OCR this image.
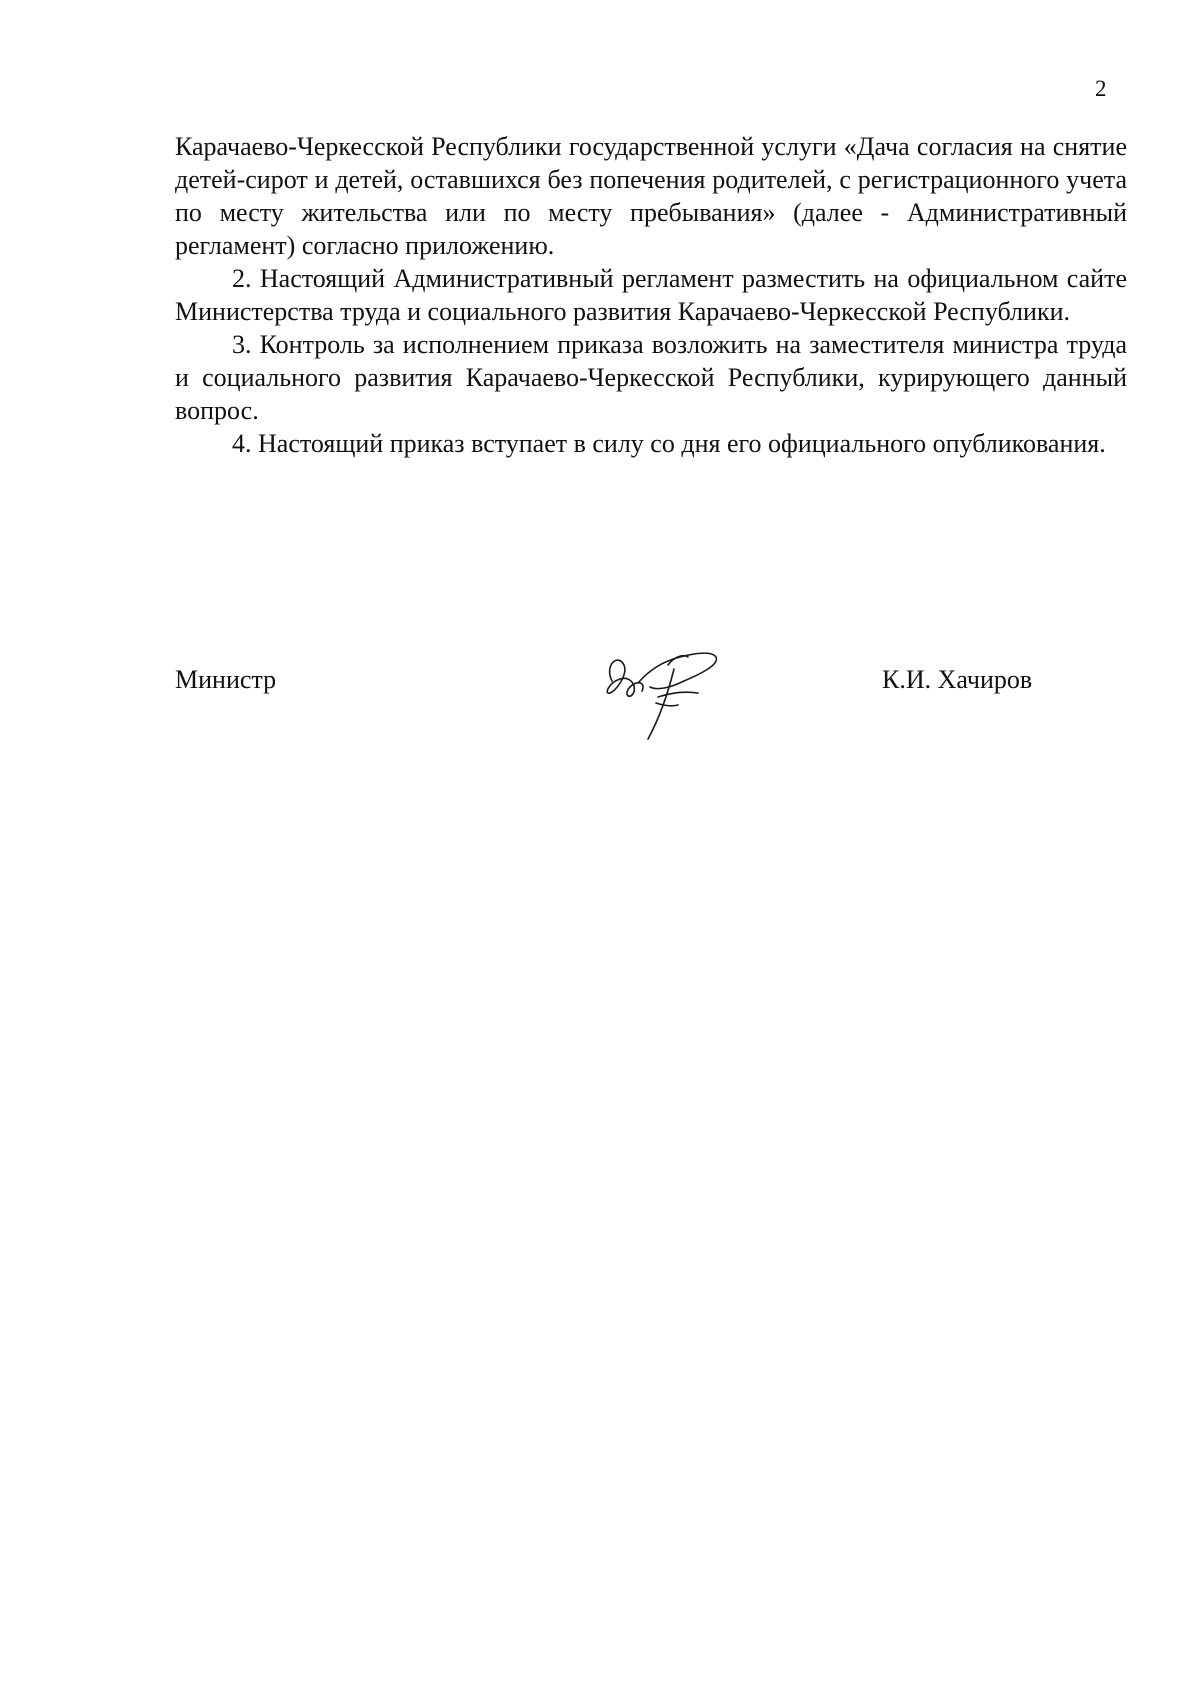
2

Карачаево-Черкесской Республики государственной услуги «Дача согласия на снятие детей-сирот и детей, оставшихся без попечения родителей, с регистрационного учета по месту жительства или по месту пребывания» (далее - Административный регламент) согласно приложению.

2. Настоящий Административный регламент разместить на официальном сайте Министерства труда и социального развития Карачаево-Черкесской Республики.

3. Контроль за исполнением приказа возложить на заместителя министра труда и социального развития Карачаево-Черкесской Республики, курирующего данный вопрос.

4. Настоящий приказ вступает в силу со дня его официального опубликования.

Министр	К.И. Хачиров
